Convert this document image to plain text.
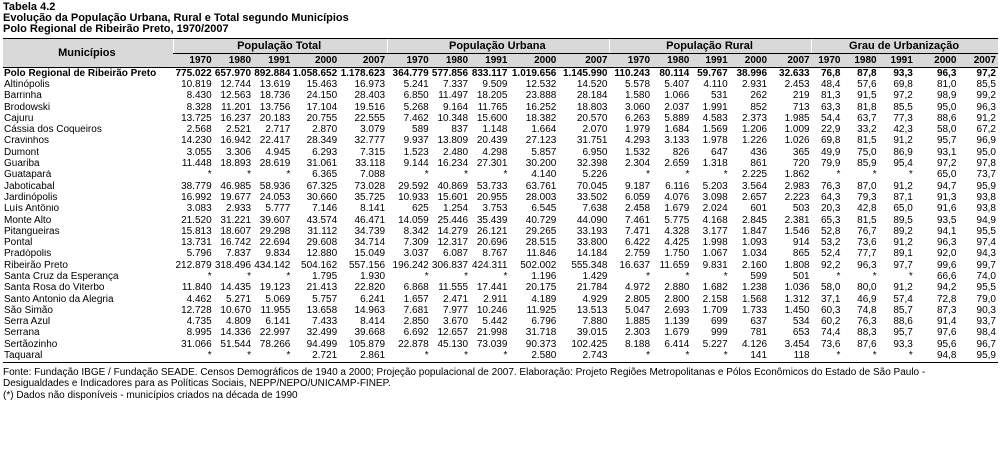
Tabela 4.2
Evolução da População Urbana, Rural e Total segundo Municípios
Polo Regional de Ribeirão Preto, 1970/2007
Municípios	População Total					População Urbana					População Rural					Grau de Urbanização				
	1970	1980	1991	2000	2007	1970	1980	1991	2000	2007	1970	1980	1991	2000	2007	1970	1980	1991	2000	2007
Polo Regional de Ribeirão Preto	775.022	657.970	892.884	1.058.652	1.178.623	364.779	577.856	833.117	1.019.656	1.145.990	110.243	80.114	59.767	38.996	32.633	76,8	87,8	93,3	96,3	97,2
Altinópolis	10.819	12.744	13.619	15.463	16.973	5.241	7.337	9.509	12.532	14.520	5.578	5.407	4.110	2.931	2.453	48,4	57,6	69,8	81,0	85,5
Barrinha	8.430	12.563	18.736	24.150	28.403	6.850	11.497	18.205	23.888	28.184	1.580	1.066	531	262	219	81,3	91,5	97,2	98,9	99,2
Brodowski	8.328	11.201	13.756	17.104	19.516	5.268	9.164	11.765	16.252	18.803	3.060	2.037	1.991	852	713	63,3	81,8	85,5	95,0	96,3
Cajuru	13.725	16.237	20.183	20.755	22.555	7.462	10.348	15.600	18.382	20.570	6.263	5.889	4.583	2.373	1.985	54,4	63,7	77,3	88,6	91,2
Cássia dos Coqueiros	2.568	2.521	2.717	2.870	3.079	589	837	1.148	1.664	2.070	1.979	1.684	1.569	1.206	1.009	22,9	33,2	42,3	58,0	67,2
Cravinhos	14.230	16.942	22.417	28.349	32.777	9.937	13.809	20.439	27.123	31.751	4.293	3.133	1.978	1.226	1.026	69,8	81,5	91,2	95,7	96,9
Dumont	3.055	3.306	4.945	6.293	7.315	1.523	2.480	4.298	5.857	6.950	1.532	826	647	436	365	49,9	75,0	86,9	93,1	95,0
Guariba	11.448	18.893	28.619	31.061	33.118	9.144	16.234	27.301	30.200	32.398	2.304	2.659	1.318	861	720	79,9	85,9	95,4	97,2	97,8
Guatapará	*	*	*	6.365	7.088	*	*	*	4.140	5.226	*	*	*	2.225	1.862	*	*	*	65,0	73,7
Jaboticabal	38.779	46.985	58.936	67.325	73.028	29.592	40.869	53.733	63.761	70.045	9.187	6.116	5.203	3.564	2.983	76,3	87,0	91,2	94,7	95,9
Jardinópolis	16.992	19.677	24.053	30.660	35.725	10.933	15.601	20.955	28.003	33.502	6.059	4.076	3.098	2.657	2.223	64,3	79,3	87,1	91,3	93,8
Luís Antônio	3.083	2.933	5.777	7.146	8.141	625	1.254	3.753	6.545	7.638	2.458	1.679	2.024	601	503	20,3	42,8	65,0	91,6	93,8
Monte Alto	21.520	31.221	39.607	43.574	46.471	14.059	25.446	35.439	40.729	44.090	7.461	5.775	4.168	2.845	2.381	65,3	81,5	89,5	93,5	94,9
Pitangueiras	15.813	18.607	29.298	31.112	34.739	8.342	14.279	26.121	29.265	33.193	7.471	4.328	3.177	1.847	1.546	52,8	76,7	89,2	94,1	95,5
Pontal	13.731	16.742	22.694	29.608	34.714	7.309	12.317	20.696	28.515	33.800	6.422	4.425	1.998	1.093	914	53,2	73,6	91,2	96,3	97,4
Pradópolis	5.796	7.837	9.834	12.880	15.049	3.037	6.087	8.767	11.846	14.184	2.759	1.750	1.067	1.034	865	52,4	77,7	89,1	92,0	94,3
Ribeirão Preto	212.879	318.496	434.142	504.162	557.156	196.242	306.837	424.311	502.002	555.348	16.637	11.659	9.831	2.160	1.808	92,2	96,3	97,7	99,6	99,7
Santa Cruz da Esperança	*	*	*	1.795	1.930	*	*	*	1.196	1.429	*	*	*	599	501	*	*	*	66,6	74,0
Santa Rosa do Viterbo	11.840	14.435	19.123	21.413	22.820	6.868	11.555	17.441	20.175	21.784	4.972	2.880	1.682	1.238	1.036	58,0	80,0	91,2	94,2	95,5
Santo Antonio da Alegria	4.462	5.271	5.069	5.757	6.241	1.657	2.471	2.911	4.189	4.929	2.805	2.800	2.158	1.568	1.312	37,1	46,9	57,4	72,8	79,0
São Simão	12.728	10.670	11.955	13.658	14.963	7.681	7.977	10.246	11.925	13.513	5.047	2.693	1.709	1.733	1.450	60,3	74,8	85,7	87,3	90,3
Serra Azul	4.735	4.809	6.141	7.433	8.414	2.850	3.670	5.442	6.796	7.880	1.885	1.139	699	637	534	60,2	76,3	88,6	91,4	93,7
Serrana	8.995	14.336	22.997	32.499	39.668	6.692	12.657	21.998	31.718	39.015	2.303	1.679	999	781	653	74,4	88,3	95,7	97,6	98,4
Sertãozinho	31.066	51.544	78.266	94.499	105.879	22.878	45.130	73.039	90.373	102.425	8.188	6.414	5.227	4.126	3.454	73,6	87,6	93,3	95,6	96,7
Taquaral	*	*	*	2.721	2.861	*	*	*	2.580	2.743	*	*	*	141	118	*	*	*	94,8	95,9
Fonte: Fundação IBGE / Fundação SEADE. Censos Demográficos de 1940 a 2000; Projeção populacional de 2007. Elaboração: Projeto Regiões Metropolitanas e Pólos Econômicos do Estado de São Paulo -
Desigualdades e Indicadores para as Políticas Sociais, NEPP/NEPO/UNICAMP-FINEP.
(*) Dados não disponíveis - municípios criados na década de 1990
